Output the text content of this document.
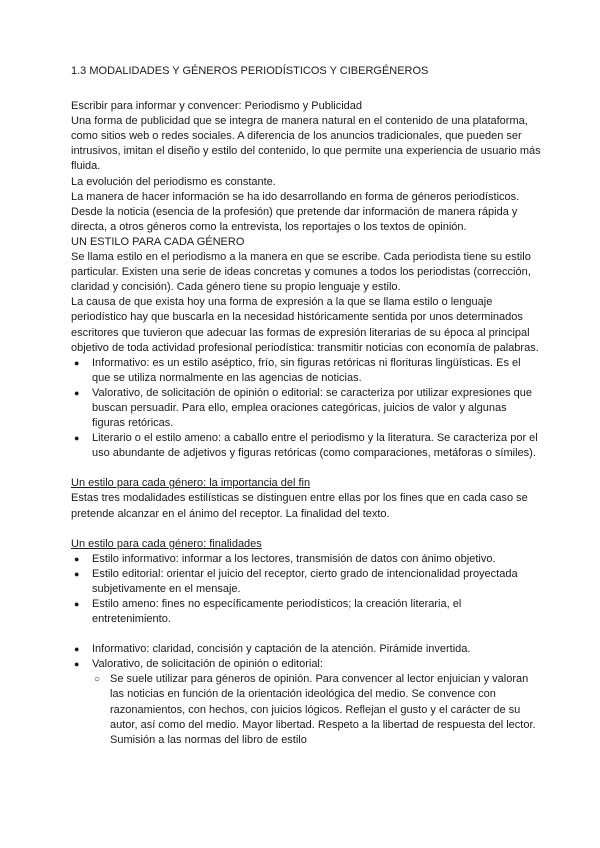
1.3 MODALIDADES Y GÉNEROS PERIODÍSTICOS Y CIBERGÉNEROS

Escribir para informar y convencer: Periodismo y Publicidad

Una forma de publicidad que se integra de manera natural en el contenido de una plataforma, como sitios web o redes sociales. A diferencia de los anuncios tradicionales, que pueden ser intrusivos, imitan el diseño y estilo del contenido, lo que permite una experiencia de usuario más fluida.

La evolución del periodismo es constante.

La manera de hacer información se ha ido desarrollando en forma de géneros periodísticos. Desde la noticia (esencia de la profesión) que pretende dar información de manera rápida y directa, a otros géneros como la entrevista, los reportajes o los textos de opinión.

UN ESTILO PARA CADA GÉNERO

Se llama estilo en el periodismo a la manera en que se escribe. Cada periodista tiene su estilo particular. Existen una serie de ideas concretas y comunes a todos los periodistas (corrección, claridad y concisión). Cada género tiene su propio lenguaje y estilo.

La causa de que exista hoy una forma de expresión a la que se llama estilo o lenguaje periodístico hay que buscarla en la necesidad históricamente sentida por unos determinados escritores que tuvieron que adecuar las formas de expresión literarias de su época al principal objetivo de toda actividad profesional periodística: transmitir noticias con economía de palabras.

● Informativo: es un estilo aséptico, frío, sin figuras retóricas ni florituras lingüísticas. Es el que se utiliza normalmente en las agencias de noticias.
● Valorativo, de solicitación de opinión o editorial: se caracteriza por utilizar expresiones que buscan persuadir. Para ello, emplea oraciones categóricas, juicios de valor y algunas figuras retóricas.
● Literario o el estilo ameno: a caballo entre el periodismo y la literatura. Se caracteriza por el uso abundante de adjetivos y figuras retóricas (como comparaciones, metáforas o símiles).

Un estilo para cada género: la importancia del fin

Estas tres modalidades estilísticas se distinguen entre ellas por los fines que en cada caso se pretende alcanzar en el ánimo del receptor. La finalidad del texto.

Un estilo para cada género: finalidades

● Estilo informativo: informar a los lectores, transmisión de datos con ánimo objetivo.
● Estilo editorial: orientar el juicio del receptor, cierto grado de intencionalidad proyectada subjetivamente en el mensaje.
● Estilo ameno: fines no específicamente periodísticos; la creación literaria, el entretenimiento.
● Informativo: claridad, concisión y captación de la atención. Pirámide invertida.
● Valorativo, de solicitación de opinión o editorial:
○ Se suele utilizar para géneros de opinión. Para convencer al lector enjuician y valoran las noticias en función de la orientación ideológica del medio. Se convence con razonamientos, con hechos, con juicios lógicos. Reflejan el gusto y el carácter de su autor, así como del medio. Mayor libertad. Respeto a la libertad de respuesta del lector. Sumisión a las normas del libro de estilo
